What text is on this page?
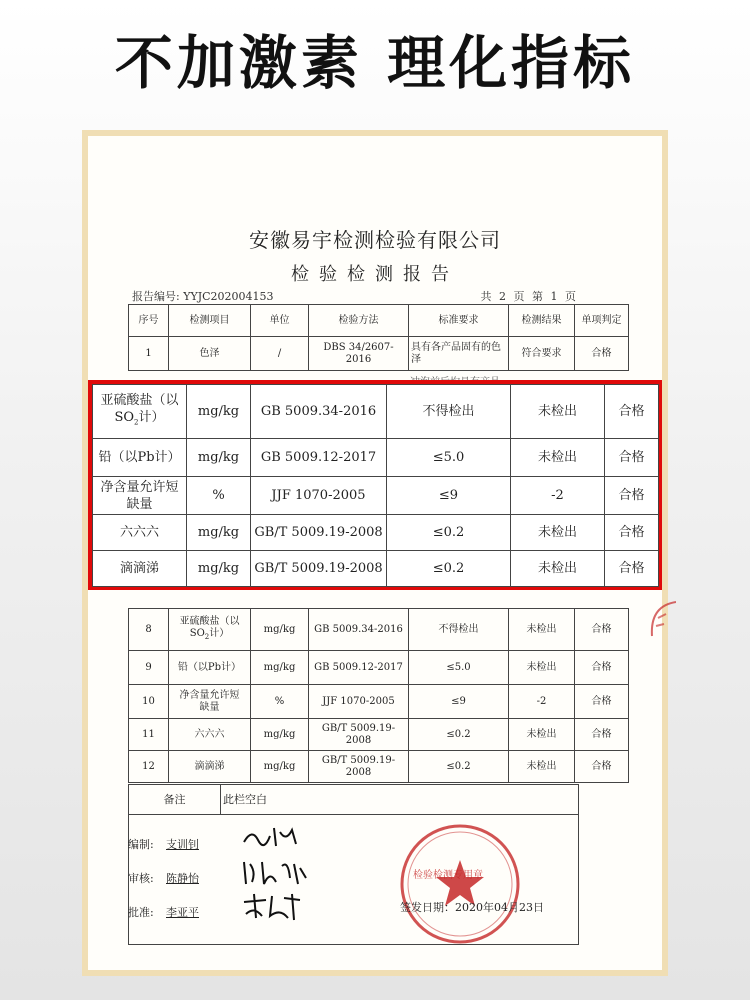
不加激素 理化指标
安徽易宇检测检验有限公司
检验检测报告
报告编号: YYJC202004153	共 2 页 第 1 页
序号	检测项目	单位	检验方法	标准要求	检测结果	单项判定
1	色泽	/	DBS 34/2607-2016	具有各产品固有的色泽	符合要求	合格
8	亚硫酸盐（以
$SO_2$计）	mg/kg	GB 5009.34-2016	不得检出	未检出	合格
9	铅（以Pb计）	mg/kg	GB 5009.12-2017	≤5.0	未检出	合格
10	净含量允许短
缺量	%	JJF 1070-2005	≤9	-2	合格
11	六六六	mg/kg	GB/T 5009.19-2008	≤0.2	未检出	合格
12	滴滴涕	mg/kg	GB/T 5009.19-2008	≤0.2	未检出	合格
备注	此栏空白

编制: 支训钊
审核: 陈静怡
批准: 李亚平
检验检测专用章
签发日期：2020年04月23日
亚硫酸盐（以
$SO_2$计）	mg/kg	GB 5009.34-2016	不得检出	未检出	合格
铅（以Pb计）	mg/kg	GB 5009.12-2017	≤5.0	未检出	合格
净含量允许短
缺量	%	JJF 1070-2005	≤9	-2	合格
六六六	mg/kg	GB/T 5009.19-2008	≤0.2	未检出	合格
滴滴涕	mg/kg	GB/T 5009.19-2008	≤0.2	未检出	合格
